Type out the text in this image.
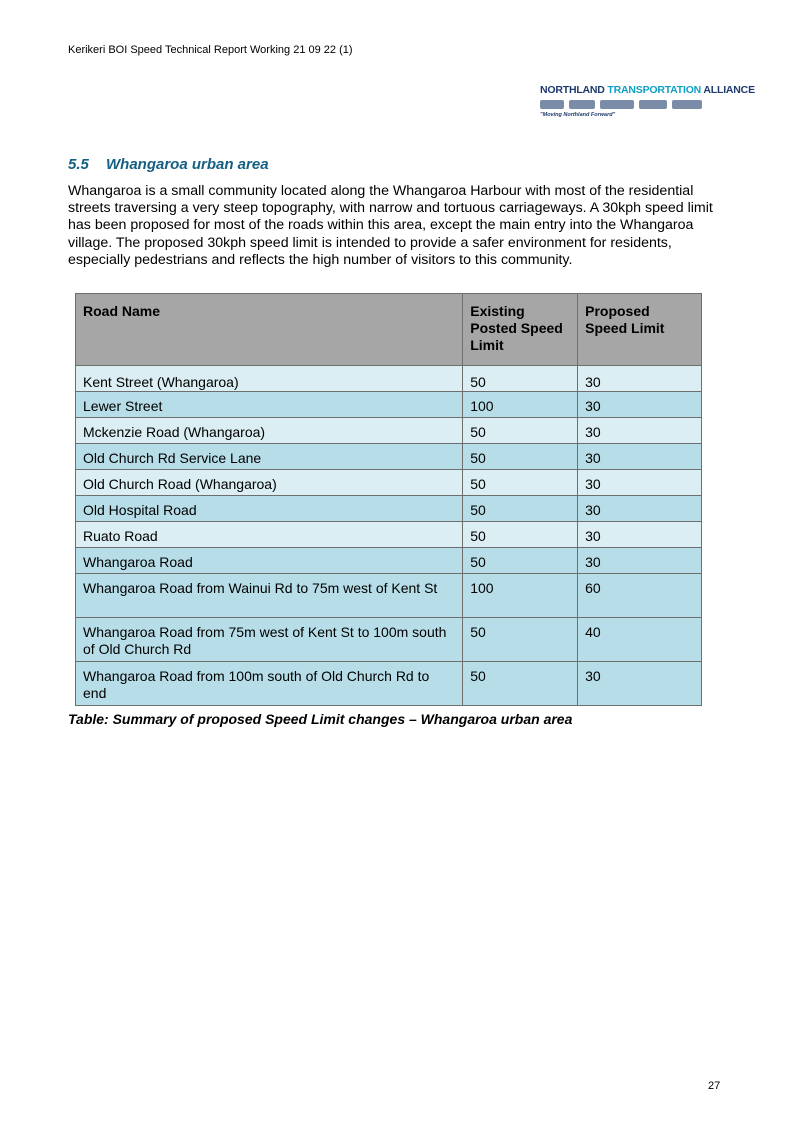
Kerikeri BOI Speed Technical Report Working 21 09 22 (1)
NORTHLAND TRANSPORTATION ALLIANCE
"Moving Northland Forward"
5.5 Whangaroa urban area
Whangaroa is a small community located along the Whangaroa Harbour with most of the residential streets traversing a very steep topography, with narrow and tortuous carriageways. A 30kph speed limit has been proposed for most of the roads within this area, except the main entry into the Whangaroa village. The proposed 30kph speed limit is intended to provide a safer environment for residents, especially pedestrians and reflects the high number of visitors to this community.
Road Name	Existing Posted Speed Limit	Proposed Speed Limit
Kent Street (Whangaroa)	50	30
Lewer Street	100	30
Mckenzie Road (Whangaroa)	50	30
Old Church Rd Service Lane	50	30
Old Church Road (Whangaroa)	50	30
Old Hospital Road	50	30
Ruato Road	50	30
Whangaroa Road	50	30
Whangaroa Road from Wainui Rd to 75m west of Kent St	100	60
Whangaroa Road from 75m west of Kent St to 100m south of Old Church Rd	50	40
Whangaroa Road from 100m south of Old Church Rd to end	50	30
Table: Summary of proposed Speed Limit changes – Whangaroa urban area
27
